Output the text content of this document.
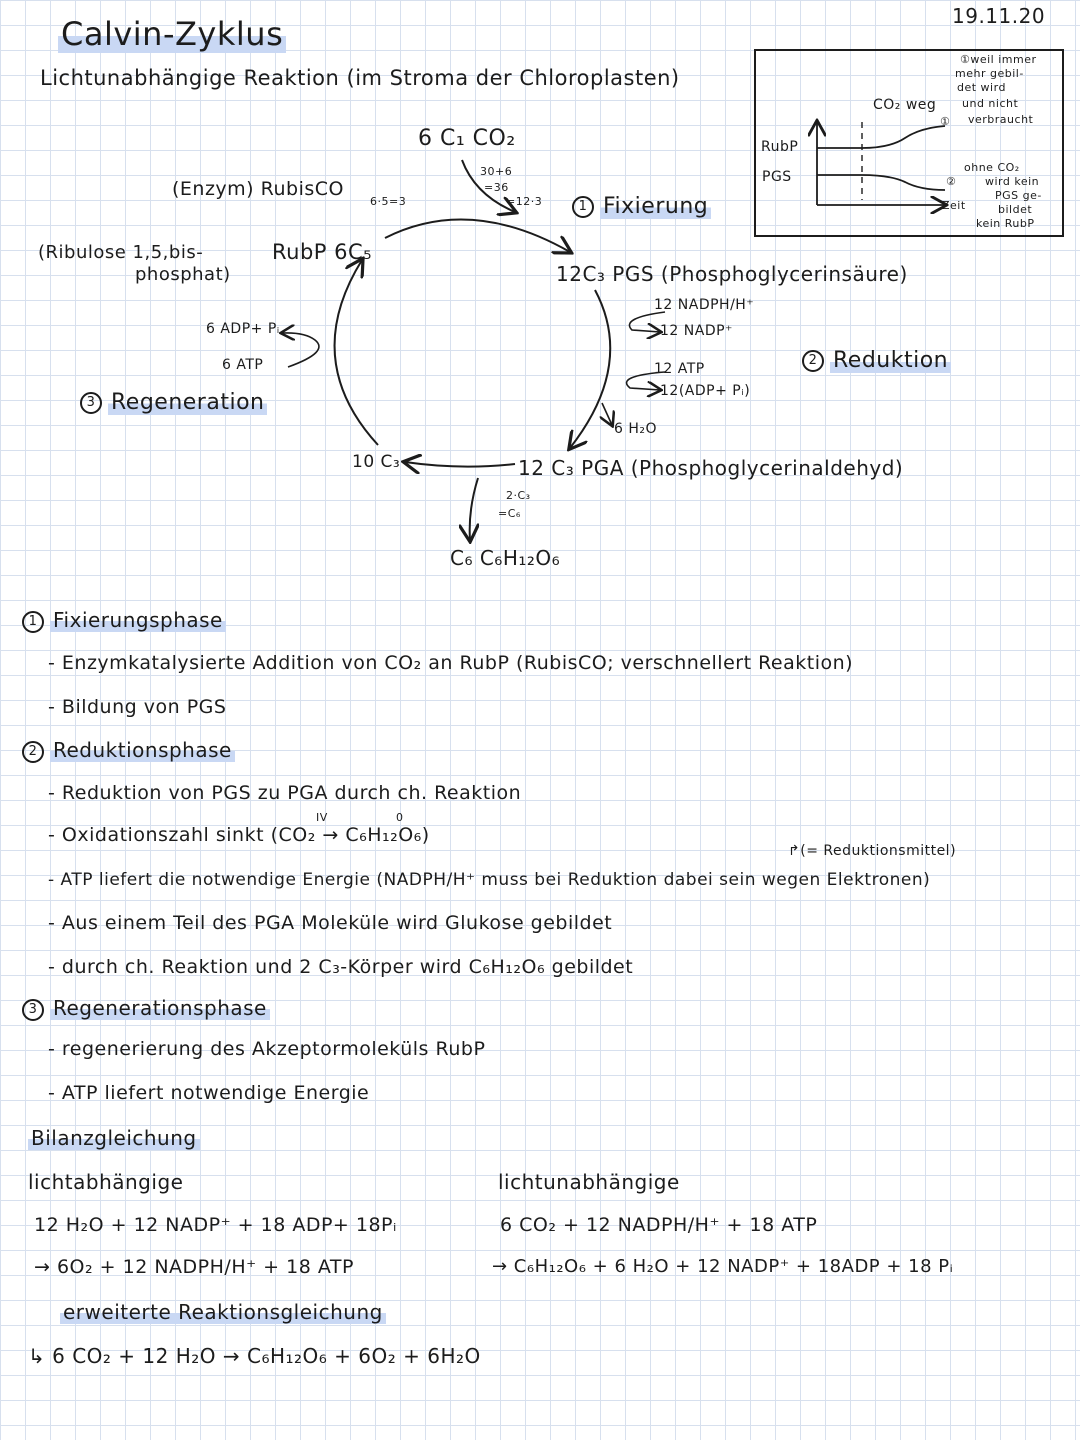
Calvin-Zyklus	19.11.20
Lichtunabhängige Reaktion (im Stroma der Chloroplasten)
6 C₁ CO₂
30+6
=36
=12·3
(Enzym) RubisCO
6·5=3
(Ribulose 1,5,bis-
phosphat)
RubP 6C₅
1 Fixierung
12C₃ PGS (Phosphoglycerinsäure)
12 NADPH/H⁺
12 NADP⁺
12 ATP
12(ADP+ Pᵢ)
2 Reduktion
6 H₂O
12 C₃ PGA (Phosphoglycerinaldehyd)
2·C₃
=C₆
C₆ C₆H₁₂O₆
10 C₃
6 ADP+ Pᵢ
6 ATP
3 Regeneration
RubP
PGS
Zeit
CO₂ weg
①weil immer
mehr gebil-
det wird
und nicht
verbraucht
①
ohne CO₂
wird kein
PGS ge-
bildet
kein RubP
②
1 Fixierungsphase
- Enzymkatalysierte Addition von CO₂ an RubP (RubisCO; verschnellert Reaktion)
- Bildung von PGS
2 Reduktionsphase
- Reduktion von PGS zu PGA durch ch. Reaktion
IV	0
- Oxidationszahl sinkt (CO₂ → C₆H₁₂O₆)
↱(= Reduktionsmittel)
- ATP liefert die notwendige Energie (NADPH/H⁺ muss bei Reduktion dabei sein wegen Elektronen)
- Aus einem Teil des PGA Moleküle wird Glukose gebildet
- durch ch. Reaktion und 2 C₃-Körper wird C₆H₁₂O₆ gebildet
3 Regenerationsphase
- regenerierung des Akzeptormoleküls RubP
- ATP liefert notwendige Energie
Bilanzgleichung
lichtabhängige
12 H₂O + 12 NADP⁺ + 18 ADP+ 18Pᵢ
→ 6O₂ + 12 NADPH/H⁺ + 18 ATP
lichtunabhängige
6 CO₂ + 12 NADPH/H⁺ + 18 ATP
→ C₆H₁₂O₆ + 6 H₂O + 12 NADP⁺ + 18ADP + 18 Pᵢ
erweiterte Reaktionsgleichung
↳ 6 CO₂ + 12 H₂O → C₆H₁₂O₆ + 6O₂ + 6H₂O
